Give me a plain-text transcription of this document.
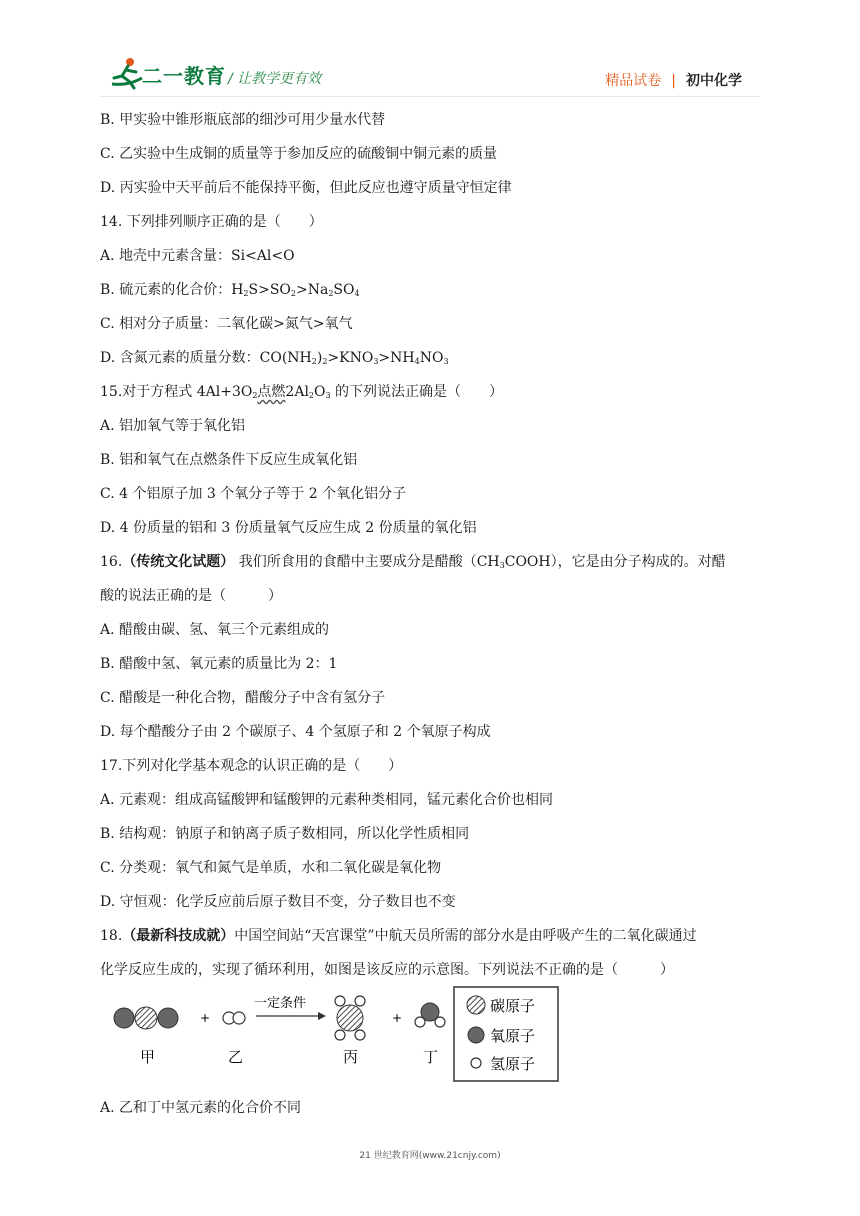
二一教育 / 让教学更有效	精品试卷 | 初中化学
B. 甲实验中锥形瓶底部的细沙可用少量水代替
C. 乙实验中生成铜的质量等于参加反应的硫酸铜中铜元素的质量
D. 丙实验中天平前后不能保持平衡，但此反应也遵守质量守恒定律
14. 下列排列顺序正确的是（　　）
A. 地壳中元素含量：Si<Al<O
B. 硫元素的化合价：$H_2S>SO_2>Na_2SO_4$
C. 相对分子质量：二氧化碳>氮气>氧气
D. 含氮元素的质量分数：$CO(NH_2)_2>KNO_3>NH_4NO_3$
15.对于方程式 $4Al+3O_2$点燃$2Al_2O_3$ 的下列说法正确是（　　）
A. 铝加氧气等于氧化铝
B. 铝和氧气在点燃条件下反应生成氧化铝
C. 4 个铝原子加 3 个氧分子等于 2 个氧化铝分子
D. 4 份质量的铝和 3 份质量氧气反应生成 2 份质量的氧化铝
16.（传统文化试题） 我们所食用的食醋中主要成分是醋酸$(CH_3COOH)$，它是由分子构成的。对醋
酸的说法正确的是（　　　）
A. 醋酸由碳、氢、氧三个元素组成的
B. 醋酸中氢、氧元素的质量比为 2：1
C. 醋酸是一种化合物，醋酸分子中含有氢分子
D. 每个醋酸分子由 2 个碳原子、4 个氢原子和 2 个氧原子构成
17.下列对化学基本观念的认识正确的是（　　）
A. 元素观：组成高锰酸钾和锰酸钾的元素种类相同，锰元素化合价也相同
B. 结构观：钠原子和钠离子质子数相同，所以化学性质相同
C. 分类观：氧气和氮气是单质，水和二氧化碳是氧化物
D. 守恒观：化学反应前后原子数目不变，分子数目也不变
18.（最新科技成就）中国空间站“天宫课堂”中航天员所需的部分水是由呼吸产生的二氧化碳通过
化学反应生成的，实现了循环利用，如图是该反应的示意图。下列说法不正确的是（　　　）
+
一定条件
+
甲	乙	丙	丁
碳原子
氧原子
氢原子
A. 乙和丁中氢元素的化合价不同
21 世纪教育网(www.21cnjy.com)
